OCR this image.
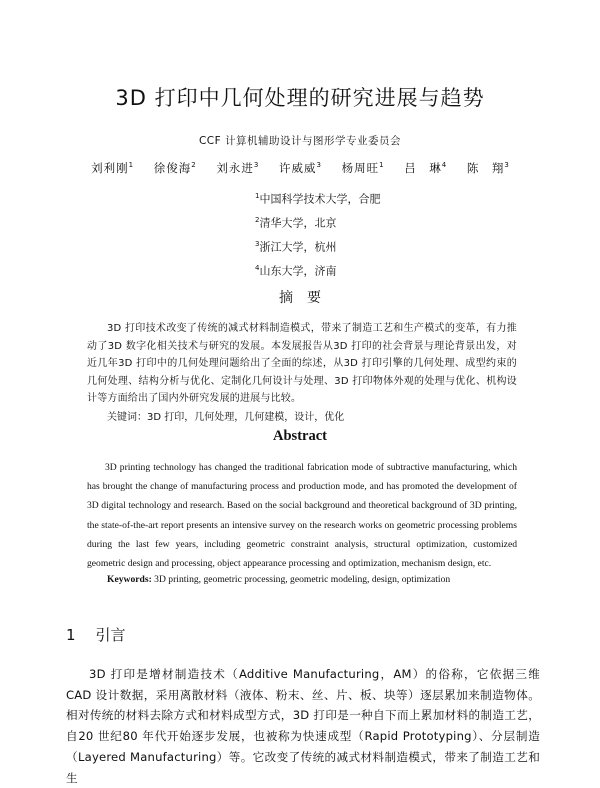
3D 打印中几何处理的研究进展与趋势
CCF 计算机辅助设计与图形学专业委员会
刘利刚$^1$ 徐俊海$^2$ 刘永进$^3$ 许威威$^3$ 杨周旺$^1$ 吕　琳$^4$ 陈　翔$^3$
$^1$中国科学技术大学，合肥
$^2$清华大学，北京
$^3$浙江大学，杭州
$^4$山东大学，济南
摘要
3D 打印技术改变了传统的减式材料制造模式，带来了制造工艺和生产模式的变革，有力推动了3D 数字化相关技术与研究的发展。本发展报告从3D 打印的社会背景与理论背景出发，对近几年3D 打印中的几何处理问题给出了全面的综述，从3D 打印引擎的几何处理、成型约束的几何处理、结构分析与优化、定制化几何设计与处理、3D 打印物体外观的处理与优化、机构设计等方面给出了国内外研究发展的进展与比较。
关键词：3D 打印，几何处理，几何建模，设计，优化
Abstract
3D printing technology has changed the traditional fabrication mode of subtractive manufacturing, which has brought the change of manufacturing process and production mode, and has promoted the development of 3D digital technology and research. Based on the social background and theoretical background of 3D printing, the state-of-the-art report presents an intensive survey on the research works on geometric processing problems during the last few years, including geometric constraint analysis, structural optimization, customized geometric design and processing, object appearance processing and optimization, mechanism design, etc.
Keywords: 3D printing, geometric processing, geometric modeling, design, optimization
1 引言
3D 打印是增材制造技术（Additive Manufacturing，AM）的俗称，它依据三维CAD 设计数据，采用离散材料（液体、粉末、丝、片、板、块等）逐层累加来制造物体。相对传统的材料去除方式和材料成型方式，3D 打印是一种自下而上累加材料的制造工艺，自20 世纪80 年代开始逐步发展，也被称为快速成型（Rapid Prototyping）、分层制造（Layered Manufacturing）等。它改变了传统的减式材料制造模式，带来了制造工艺和生
